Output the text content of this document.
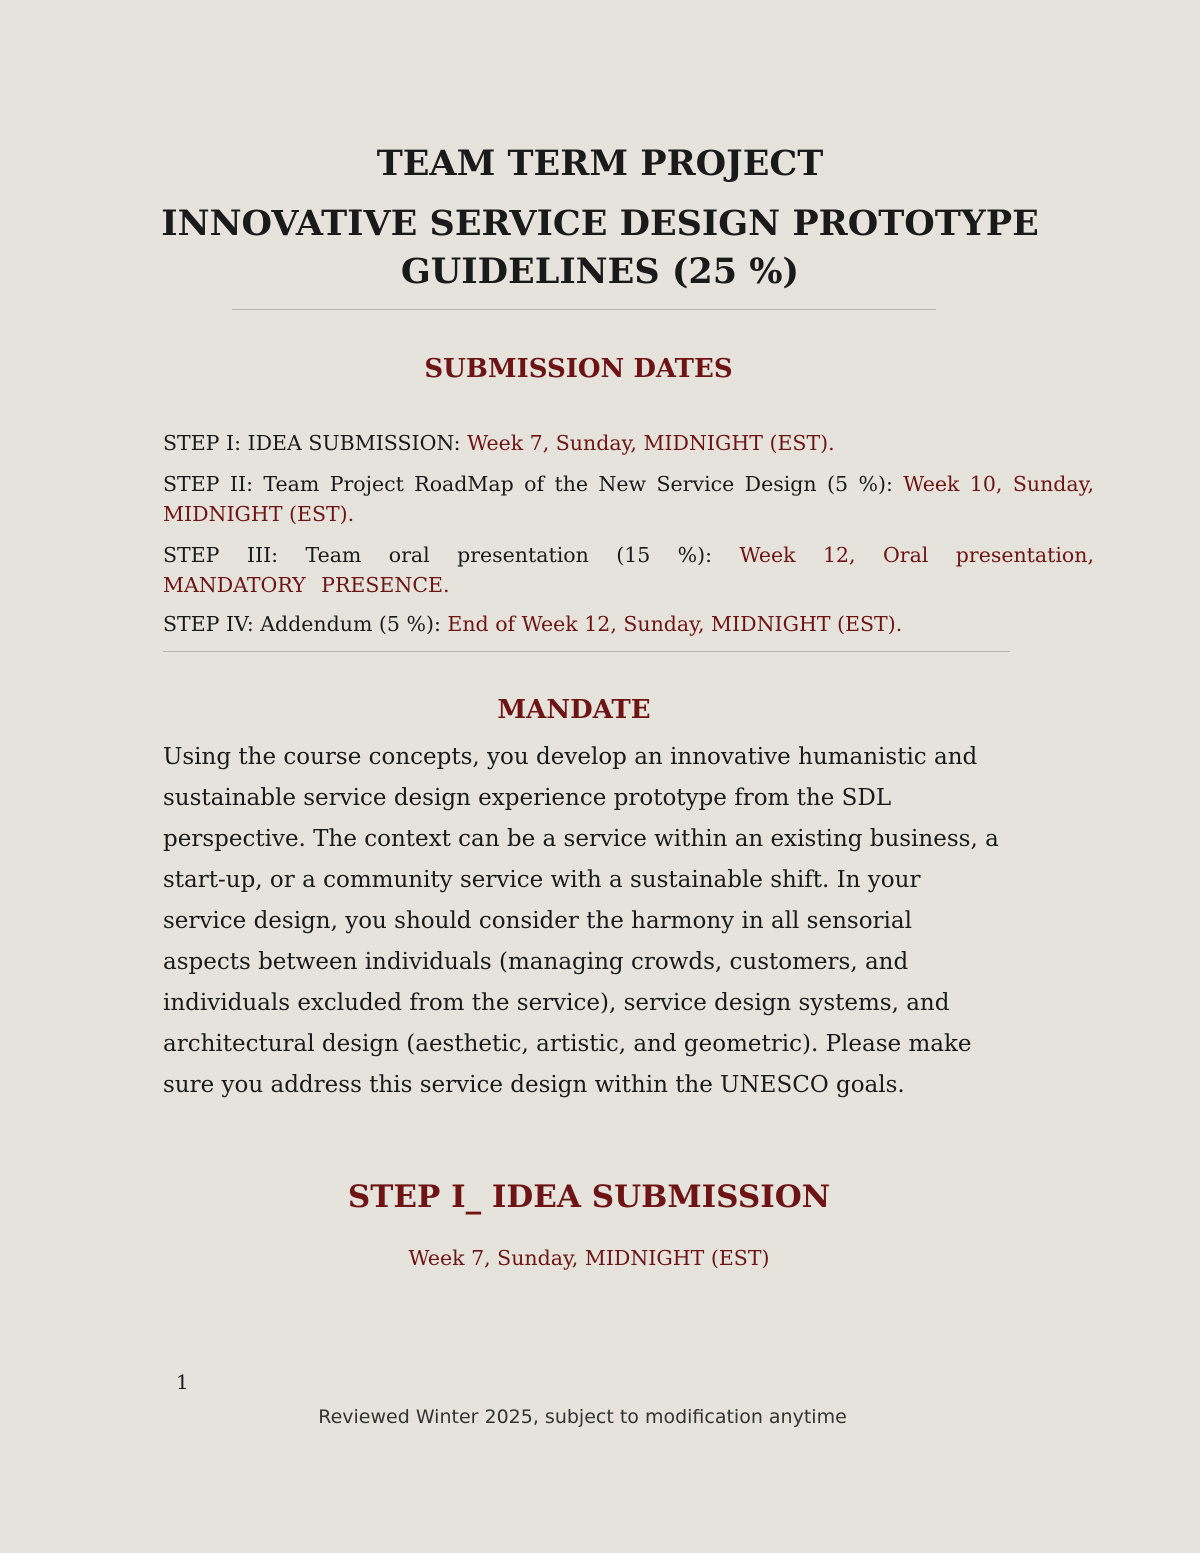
TEAM TERM PROJECT
INNOVATIVE SERVICE DESIGN PROTOTYPE
GUIDELINES (25 %)
SUBMISSION DATES

STEP I: IDEA SUBMISSION: Week 7, Sunday, MIDNIGHT (EST).

STEP II: Team Project RoadMap of the New Service Design (5 %): Week 10, Sunday, MIDNIGHT (EST).

STEP III: Team oral presentation (15 %): Week 12, Oral presentation, MANDATORY PRESENCE.

STEP IV: Addendum (5 %): End of Week 12, Sunday, MIDNIGHT (EST).

MANDATE

Using the course concepts, you develop an innovative humanistic and
sustainable service design experience prototype from the SDL
perspective. The context can be a service within an existing business, a
start-up, or a community service with a sustainable shift. In your
service design, you should consider the harmony in all sensorial
aspects between individuals (managing crowds, customers, and
individuals excluded from the service), service design systems, and
architectural design (aesthetic, artistic, and geometric). Please make
sure you address this service design within the UNESCO goals.

STEP I_ IDEA SUBMISSION

Week 7, Sunday, MIDNIGHT (EST)

1
Reviewed Winter 2025, subject to modification anytime
